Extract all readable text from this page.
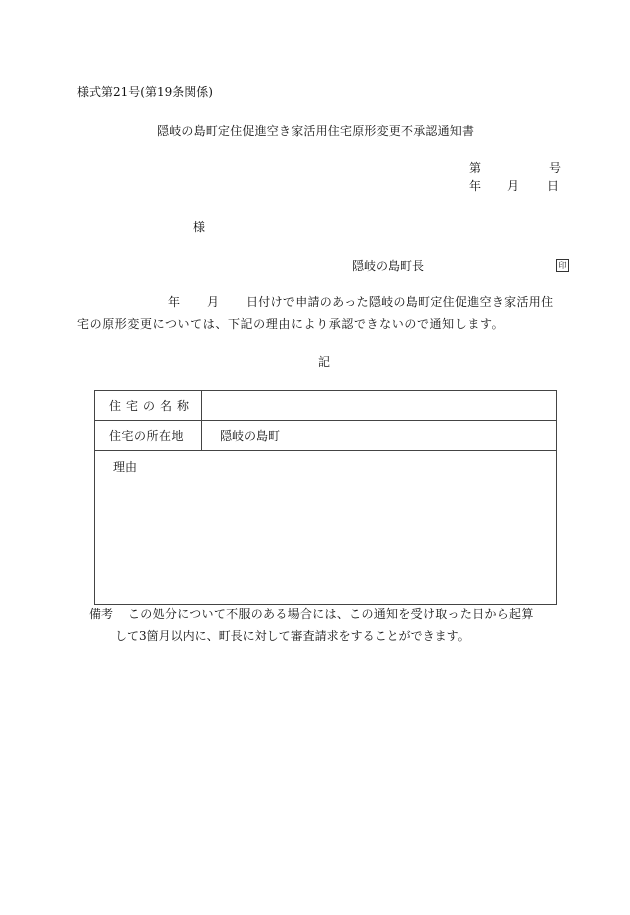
様式第21号(第19条関係)
隠岐の島町定住促進空き家活用住宅原形変更不承認通知書
第	号
年 月 日
様
隠岐の島町長	印
年 月 日付けで申請のあった隠岐の島町定住促進空き家活用住
宅の原形変更については、下記の理由により承認できないので通知します。
記
住宅の名称
住宅の所在地	隠岐の島町
理由
備考 この処分について不服のある場合には、この通知を受け取った日から起算
して3箇月以内に、町長に対して審査請求をすることができます。
